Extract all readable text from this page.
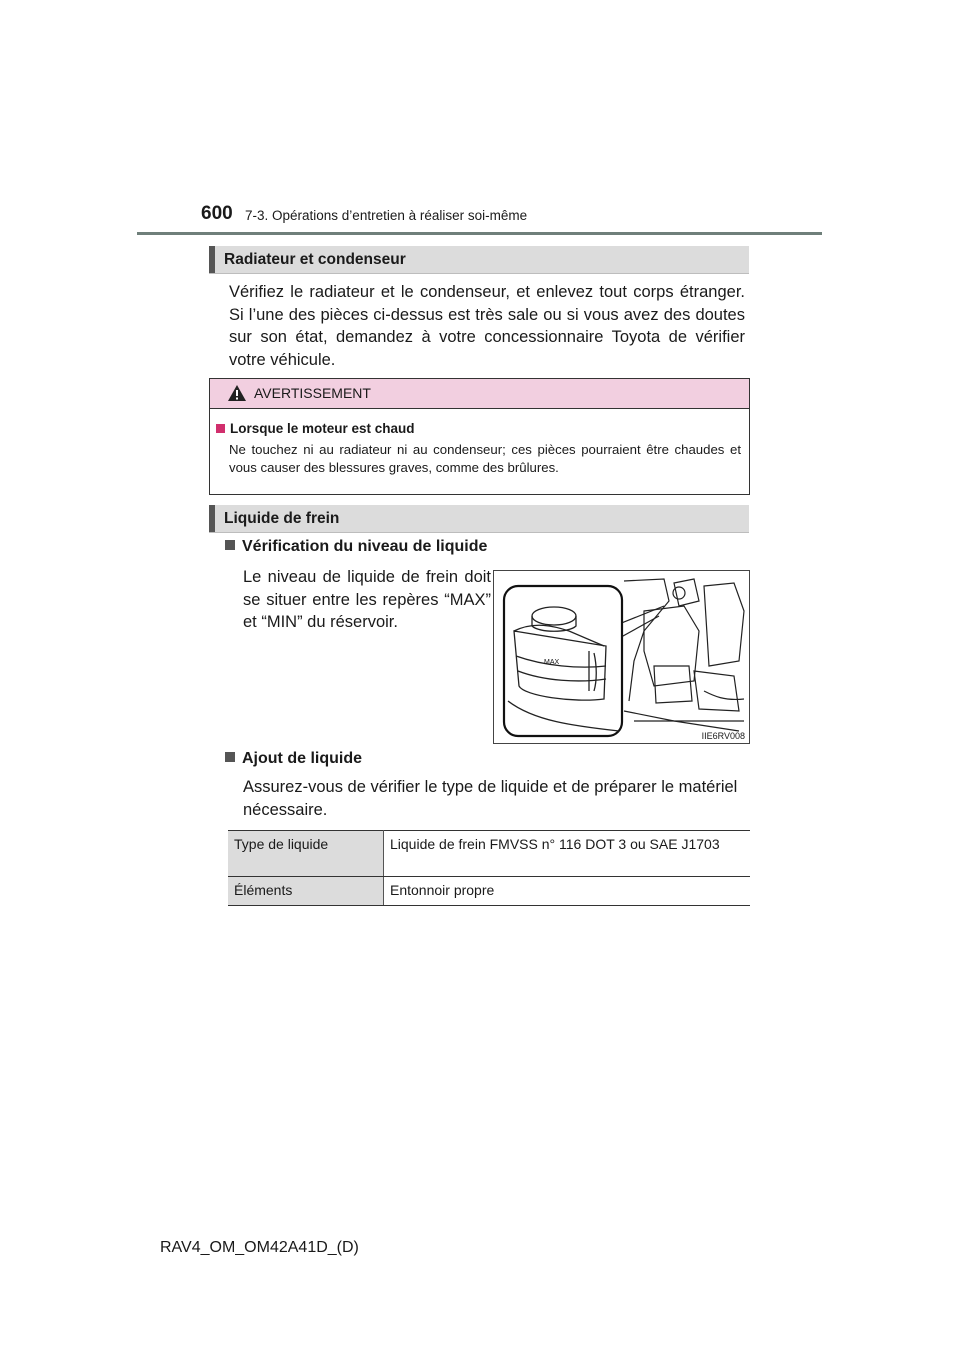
600 7-3. Opérations d’entretien à réaliser soi-même
Radiateur et condenseur
Vérifiez le radiateur et le condenseur, et enlevez tout corps étranger. Si l’une des pièces ci-dessus est très sale ou si vous avez des doutes sur son état, demandez à votre concessionnaire Toyota de vérifier votre véhicule.
AVERTISSEMENT
Lorsque le moteur est chaud
Ne touchez ni au radiateur ni au condenseur; ces pièces pourraient être chaudes et vous causer des blessures graves, comme des brûlures.
Liquide de frein
Vérification du niveau de liquide
Le niveau de liquide de frein doit se situer entre les repères “MAX” et “MIN” du réservoir.
MAX
IIE6RV008
Ajout de liquide
Assurez-vous de vérifier le type de liquide et de préparer le matériel nécessaire.
Type de liquide	Liquide de frein FMVSS n° 116 DOT 3 ou SAE J1703
Éléments	Entonnoir propre
RAV4_OM_OM42A41D_(D)
